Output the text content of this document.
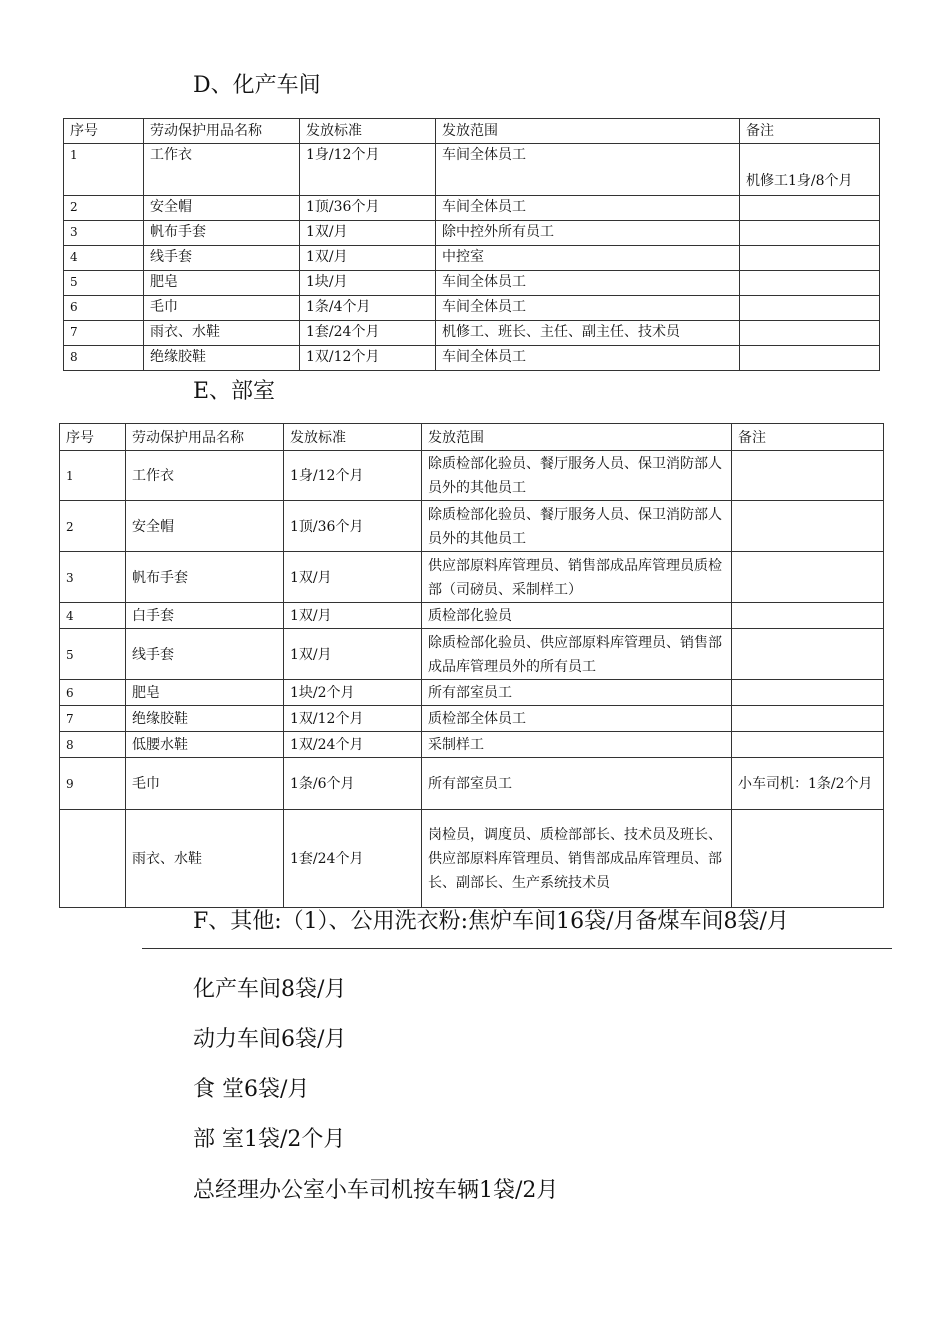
D、化产车间
序号	劳动保护用品名称	发放标准	发放范围	备注
1	工作衣	1身/12个月	车间全体员工	机修工1身/8个月
2	安全帽	1顶/36个月	车间全体员工	
3	帆布手套	1双/月	除中控外所有员工	
4	线手套	1双/月	中控室	
5	肥皂	1块/月	车间全体员工	
6	毛巾	1条/4个月	车间全体员工	
7	雨衣、水鞋	1套/24个月	机修工、班长、主任、副主任、技术员	
8	绝缘胶鞋	1双/12个月	车间全体员工	
E、部室
序号	劳动保护用品名称	发放标准	发放范围	备注
1	工作衣	1身/12个月	除质检部化验员、餐厅服务人员、保卫消防部人员外的其他员工	
2	安全帽	1顶/36个月	除质检部化验员、餐厅服务人员、保卫消防部人员外的其他员工	
3	帆布手套	1双/月	供应部原料库管理员、销售部成品库管理员质检部（司磅员、采制样工）	
4	白手套	1双/月	质检部化验员	
5	线手套	1双/月	除质检部化验员、供应部原料库管理员、销售部成品库管理员外的所有员工	
6	肥皂	1块/2个月	所有部室员工	
7	绝缘胶鞋	1双/12个月	质检部全体员工	
8	低腰水鞋	1双/24个月	采制样工	
9	毛巾	1条/6个月	所有部室员工	小车司机：1条/2个月
	雨衣、水鞋	1套/24个月	岗检员，调度员、质检部部长、技术员及班长、供应部原料库管理员、销售部成品库管理员、部长、副部长、生产系统技术员	
F、其他:（1）、公用洗衣粉:焦炉车间16袋/月备煤车间8袋/月
化产车间8袋/月
动力车间6袋/月
食 堂6袋/月
部 室1袋/2个月
总经理办公室小车司机按车辆1袋/2月
